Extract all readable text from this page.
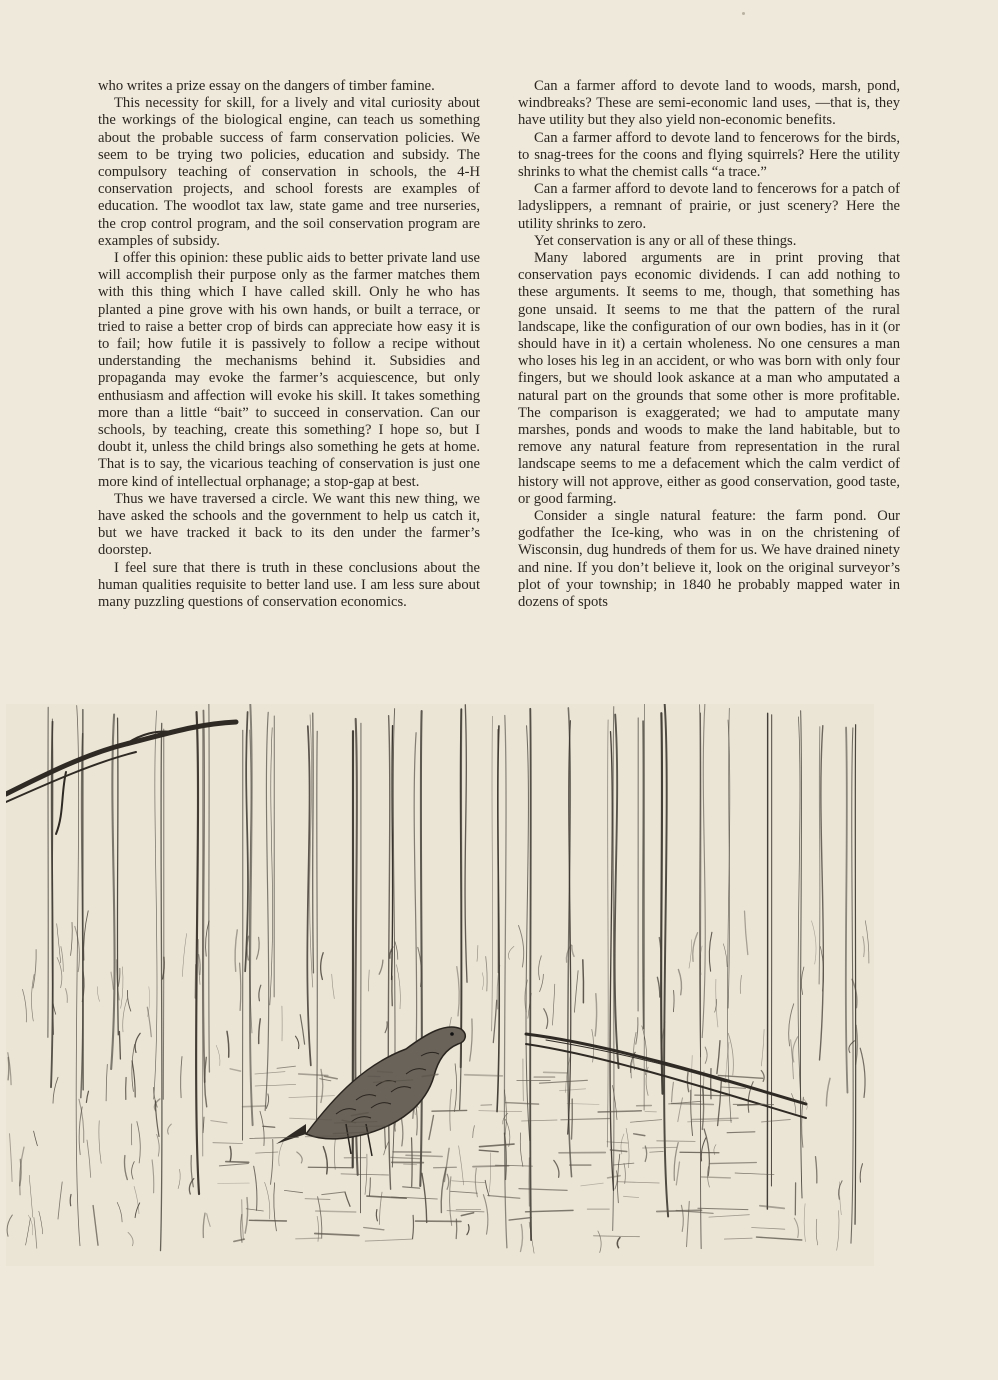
who writes a prize essay on the dangers of timber famine.

This necessity for skill, for a lively and vital curiosity about the workings of the biological engine, can teach us something about the probable success of farm conservation policies. We seem to be trying two policies, education and subsidy. The compulsory teaching of conservation in schools, the 4-H conservation projects, and school forests are examples of education. The woodlot tax law, state game and tree nurseries, the crop control program, and the soil conservation program are examples of subsidy.

I offer this opinion: these public aids to better private land use will accomplish their purpose only as the farmer matches them with this thing which I have called skill. Only he who has planted a pine grove with his own hands, or built a terrace, or tried to raise a better crop of birds can appreciate how easy it is to fail; how futile it is passively to follow a recipe without understanding the mechanisms behind it. Subsidies and propaganda may evoke the farmer’s acquiescence, but only enthusiasm and affection will evoke his skill. It takes something more than a little “bait” to succeed in conservation. Can our schools, by teaching, create this something? I hope so, but I doubt it, unless the child brings also something he gets at home. That is to say, the vicarious teaching of conservation is just one more kind of intellectual orphanage; a stop-gap at best.

Thus we have traversed a circle. We want this new thing, we have asked the schools and the government to help us catch it, but we have tracked it back to its den under the farmer’s doorstep.

I feel sure that there is truth in these conclusions about the human qualities requisite to better land use. I am less sure about many puzzling questions of conservation economics.

Can a farmer afford to devote land to woods, marsh, pond, windbreaks? These are semi-economic land uses, —that is, they have utility but they also yield non-economic benefits.

Can a farmer afford to devote land to fencerows for the birds, to snag-trees for the coons and flying squirrels? Here the utility shrinks to what the chemist calls “a trace.”

Can a farmer afford to devote land to fencerows for a patch of ladyslippers, a remnant of prairie, or just scenery? Here the utility shrinks to zero.

Yet conservation is any or all of these things.

Many labored arguments are in print proving that conservation pays economic dividends. I can add nothing to these arguments. It seems to me, though, that something has gone unsaid. It seems to me that the pattern of the rural landscape, like the configuration of our own bodies, has in it (or should have in it) a certain wholeness. No one censures a man who loses his leg in an accident, or who was born with only four fingers, but we should look askance at a man who amputated a natural part on the grounds that some other is more profitable. The comparison is exaggerated; we had to amputate many marshes, ponds and woods to make the land habitable, but to remove any natural feature from representation in the rural landscape seems to me a defacement which the calm verdict of history will not approve, either as good conservation, good taste, or good farming.

Consider a single natural feature: the farm pond. Our godfather the Ice-king, who was in on the christening of Wisconsin, dug hundreds of them for us. We have drained ninety and nine. If you don’t believe it, look on the original surveyor’s plot of your township; in 1840 he probably mapped water in dozens of spots
